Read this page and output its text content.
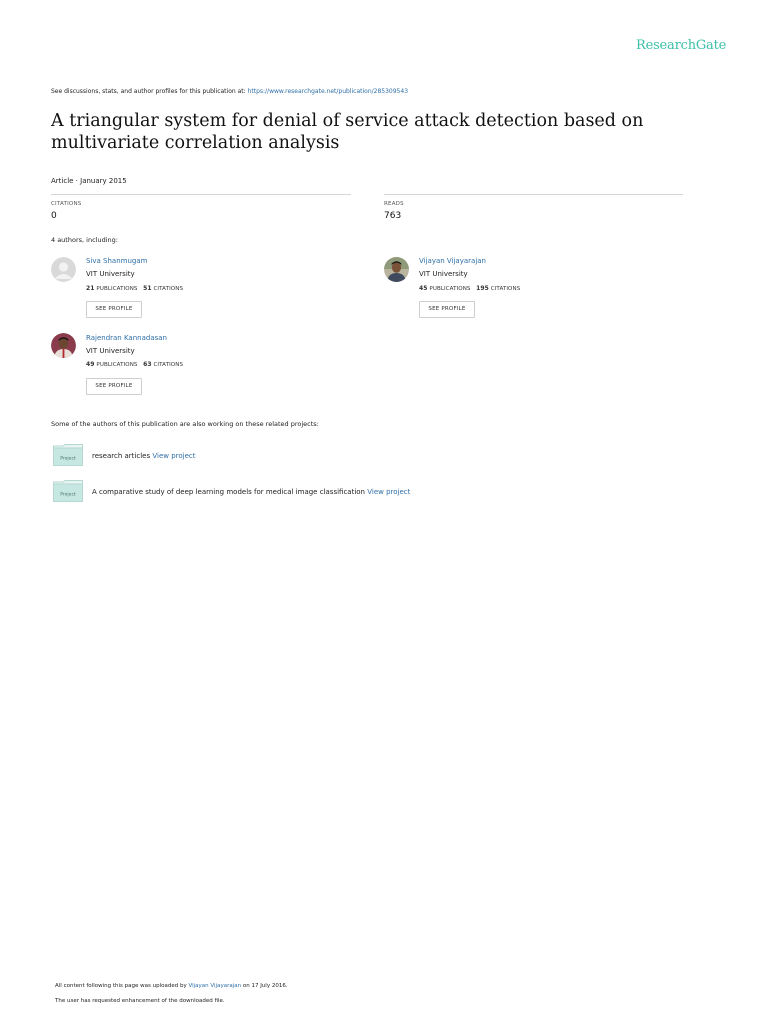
ResearchGate
See discussions, stats, and author profiles for this publication at: https://www.researchgate.net/publication/285309543
A triangular system for denial of service attack detection based on multivariate correlation analysis
Article · January 2015
CITATIONS
0
READS
763
4 authors, including:
Siva Shanmugam
VIT University
21 PUBLICATIONS 51 CITATIONS
SEE PROFILE
Vijayan Vijayarajan
VIT University
45 PUBLICATIONS 195 CITATIONS
SEE PROFILE
Rajendran Kannadasan
VIT University
49 PUBLICATIONS 63 CITATIONS
SEE PROFILE
Some of the authors of this publication are also working on these related projects:
Project research articles View project
Project A comparative study of deep learning models for medical image classification View project
All content following this page was uploaded by Vijayan Vijayarajan on 17 July 2016.
The user has requested enhancement of the downloaded file.
